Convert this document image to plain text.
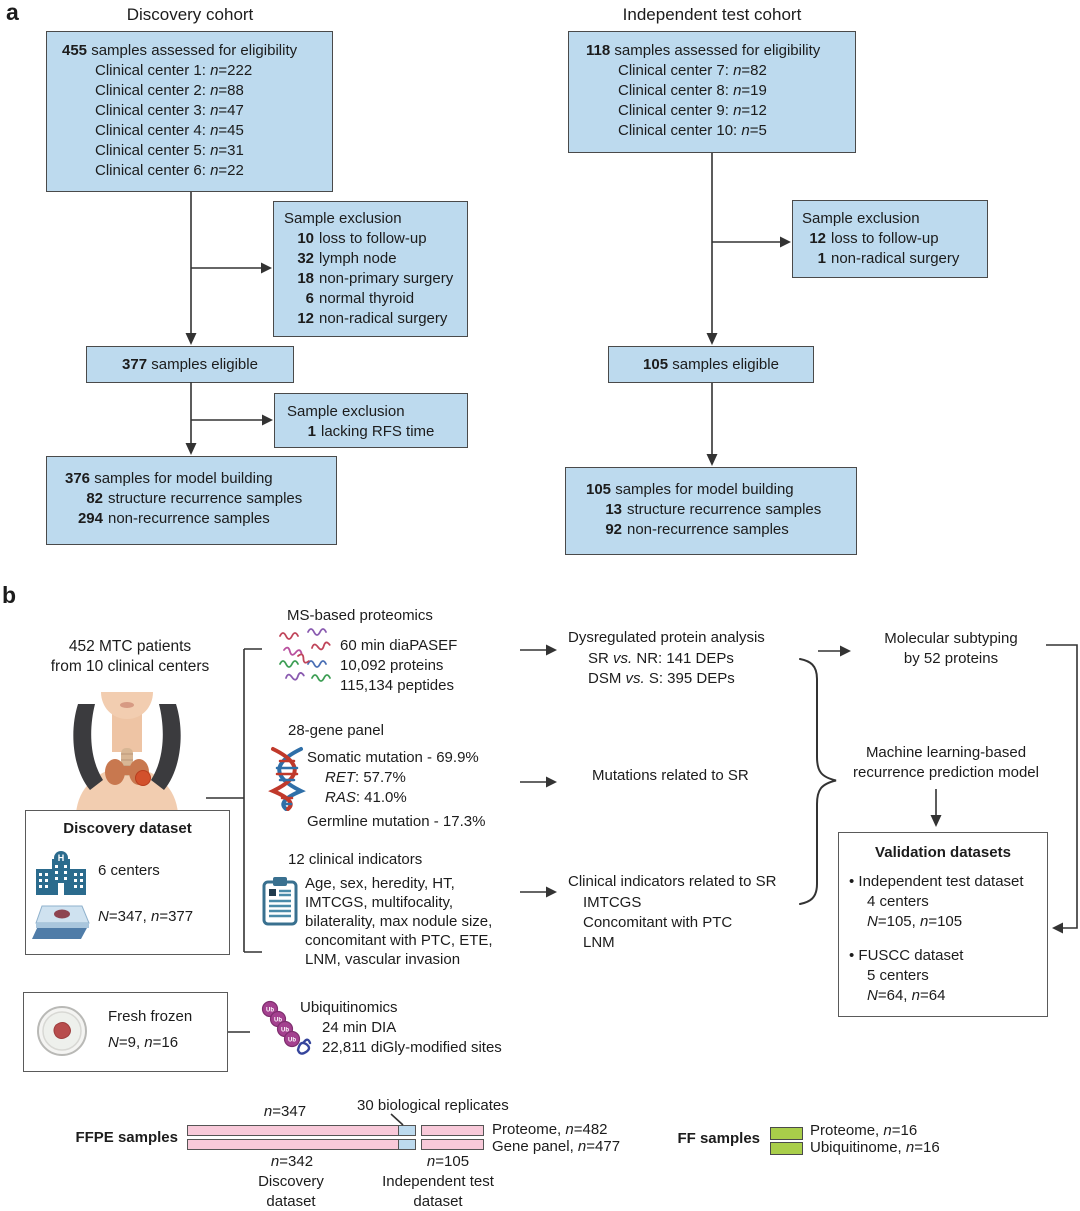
a	Discovery cohort	Independent test cohort
455 samples assessed for eligibility
Clinical center 1: n=222
Clinical center 2: n=88
Clinical center 3: n=47
Clinical center 4: n=45
Clinical center 5: n=31
Clinical center 6: n=22
Sample exclusion
10 loss to follow-up
32 lymph node
18 non-primary surgery
6 normal thyroid
12 non-radical surgery
377 samples eligible
Sample exclusion
1 lacking RFS time
376 samples for model building
82 structure recurrence samples
294 non-recurrence samples
118 samples assessed for eligibility
Clinical center 7: n=82
Clinical center 8: n=19
Clinical center 9: n=12
Clinical center 10: n=5
Sample exclusion
12 loss to follow-up
1 non-radical surgery
105 samples eligible
105 samples for model building
13 structure recurrence samples
92 non-recurrence samples
b
452 MTC patients
from 10 clinical centers
Discovery dataset
H
6 centers
N=347, n=377
Fresh frozen
N=9, n=16
MS-based proteomics
60 min diaPASEF
10,092 proteins
115,134 peptides
28-gene panel
Somatic mutation - 69.9%
RET: 57.7%
RAS: 41.0%
Germline mutation - 17.3%
12 clinical indicators
Age, sex, heredity, HT,
IMTCGS, multifocality,
bilaterality, max nodule size,
concomitant with PTC, ETE,
LNM, vascular invasion
Ubiquitinomics
Ub
Ub
Ub
Ub
24 min DIA
22,811 diGly-modified sites
Dysregulated protein analysis
SR vs. NR: 141 DEPs
DSM vs. S: 395 DEPs
Mutations related to SR
Clinical indicators related to SR
IMTCGS
Concomitant with PTC
LNM
Molecular subtyping
by 52 proteins
Machine learning-based
recurrence prediction model
Validation datasets
• Independent test dataset
4 centers
N=105, n=105
• FUSCC dataset
5 centers
N=64, n=64
FFPE samples
n=347	30 biological replicates
Proteome, n=482
Gene panel, n=477
n=342	n=105
Discovery
dataset
Independent test
dataset
FF samples	Proteome, n=16
Ubiquitinome, n=16
